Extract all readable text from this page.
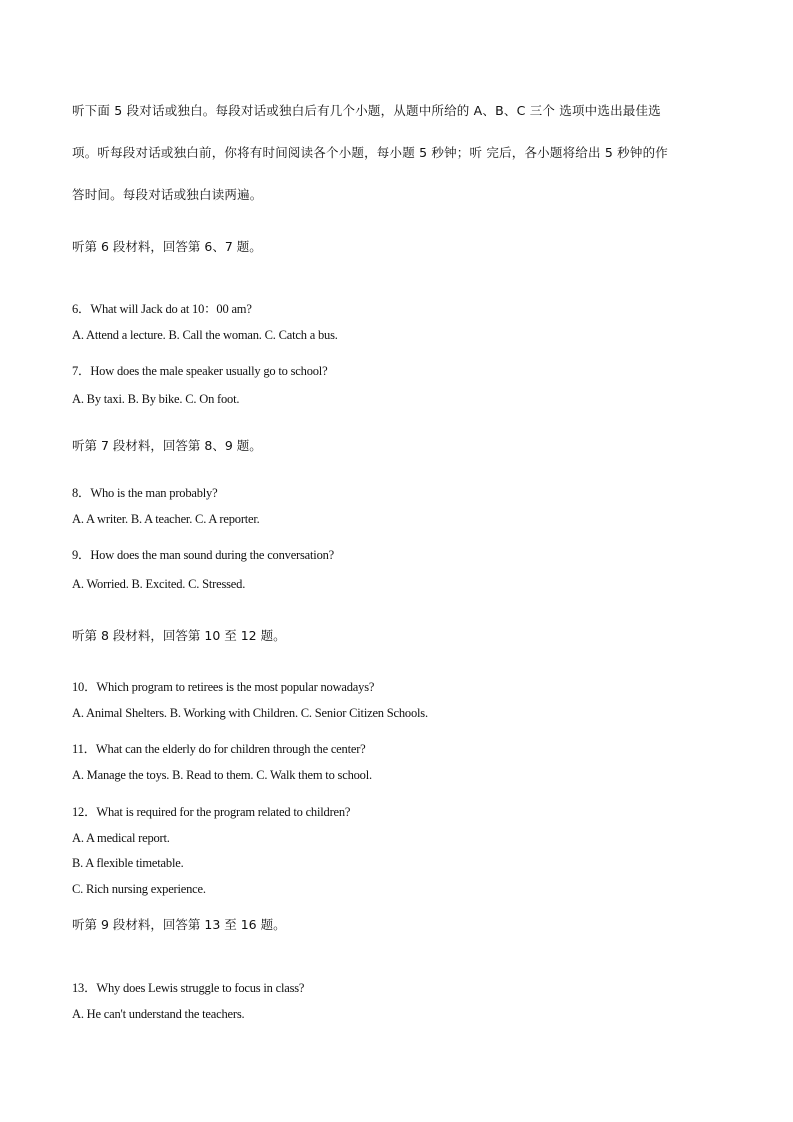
听下面 5 段对话或独白。每段对话或独白后有几个小题，从题中所给的 A、B、C 三个 选项中选出最佳选
项。听每段对话或独白前，你将有时间阅读各个小题，每小题 5 秒钟；听 完后，各小题将给出 5 秒钟的作
答时间。每段对话或独白读两遍。
听第 6 段材料，回答第 6、7 题。
6．What will Jack do at 10：00 am?
A. Attend a lecture. B. Call the woman. C. Catch a bus.
7．How does the male speaker usually go to school?
A. By taxi. B. By bike. C. On foot.
听第 7 段材料，回答第 8、9 题。
8．Who is the man probably?
A. A writer. B. A teacher. C. A reporter.
9．How does the man sound during the conversation?
A. Worried. B. Excited. C. Stressed.
听第 8 段材料，回答第 10 至 12 题。
10．Which program to retirees is the most popular nowadays?
A. Animal Shelters. B. Working with Children. C. Senior Citizen Schools.
11．What can the elderly do for children through the center?
A. Manage the toys. B. Read to them. C. Walk them to school.
12．What is required for the program related to children?
A. A medical report.
B. A flexible timetable.
C. Rich nursing experience.
听第 9 段材料，回答第 13 至 16 题。
13．Why does Lewis struggle to focus in class?
A. He can't understand the teachers.
